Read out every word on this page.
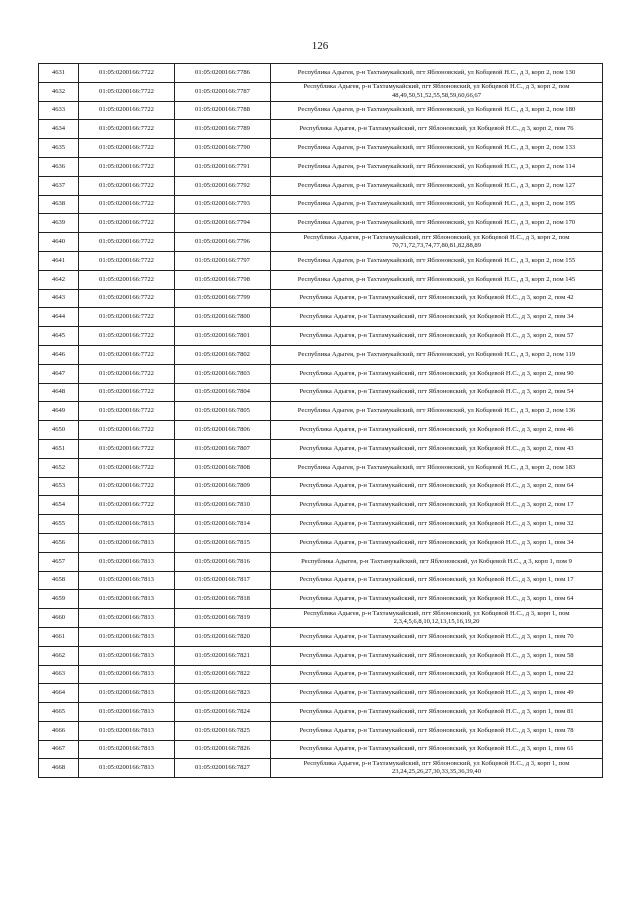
126
4631	01:05:0200166:7722	01:05:0200166:7786	Республика Адыгея, р-н Тахтамукайский, пгт Яблоновский, ул Кобцевой Н.С., д 3, корп 2, пом 130
4632	01:05:0200166:7722	01:05:0200166:7787	Республика Адыгея, р-н Тахтамукайский, пгт Яблоновский, ул Кобцевой Н.С., д 3, корп 2, пом 48,49,50,51,52,55,58,59,60,66,67
4633	01:05:0200166:7722	01:05:0200166:7788	Республика Адыгея, р-н Тахтамукайский, пгт Яблоновский, ул Кобцевой Н.С., д 3, корп 2, пом 180
4634	01:05:0200166:7722	01:05:0200166:7789	Республика Адыгея, р-н Тахтамукайский, пгт Яблоновский, ул Кобцевой Н.С., д 3, корп 2, пом 76
4635	01:05:0200166:7722	01:05:0200166:7790	Республика Адыгея, р-н Тахтамукайский, пгт Яблоновский, ул Кобцевой Н.С., д 3, корп 2, пом 133
4636	01:05:0200166:7722	01:05:0200166:7791	Республика Адыгея, р-н Тахтамукайский, пгт Яблоновский, ул Кобцевой Н.С., д 3, корп 2, пом 114
4637	01:05:0200166:7722	01:05:0200166:7792	Республика Адыгея, р-н Тахтамукайский, пгт Яблоновский, ул Кобцевой Н.С., д 3, корп 2, пом 127
4638	01:05:0200166:7722	01:05:0200166:7793	Республика Адыгея, р-н Тахтамукайский, пгт Яблоновский, ул Кобцевой Н.С., д 3, корп 2, пом 195
4639	01:05:0200166:7722	01:05:0200166:7794	Республика Адыгея, р-н Тахтамукайский, пгт Яблоновский, ул Кобцевой Н.С., д 3, корп 2, пом 170
4640	01:05:0200166:7722	01:05:0200166:7796	Республика Адыгея, р-н Тахтамукайский, пгт Яблоновский, ул Кобцевой Н.С., д 3, корп 2, пом 70,71,72,73,74,77,80,81,82,88,89
4641	01:05:0200166:7722	01:05:0200166:7797	Республика Адыгея, р-н Тахтамукайский, пгт Яблоновский, ул Кобцевой Н.С., д 3, корп 2, пом 155
4642	01:05:0200166:7722	01:05:0200166:7798	Республика Адыгея, р-н Тахтамукайский, пгт Яблоновский, ул Кобцевой Н.С., д 3, корп 2, пом 145
4643	01:05:0200166:7722	01:05:0200166:7799	Республика Адыгея, р-н Тахтамукайский, пгт Яблоновский, ул Кобцевой Н.С., д 3, корп 2, пом 42
4644	01:05:0200166:7722	01:05:0200166:7800	Республика Адыгея, р-н Тахтамукайский, пгт Яблоновский, ул Кобцевой Н.С., д 3, корп 2, пом 34
4645	01:05:0200166:7722	01:05:0200166:7801	Республика Адыгея, р-н Тахтамукайский, пгт Яблоновский, ул Кобцевой Н.С., д 3, корп 2, пом 57
4646	01:05:0200166:7722	01:05:0200166:7802	Республика Адыгея, р-н Тахтамукайский, пгт Яблоновский, ул Кобцевой Н.С., д 3, корп 2, пом 119
4647	01:05:0200166:7722	01:05:0200166:7803	Республика Адыгея, р-н Тахтамукайский, пгт Яблоновский, ул Кобцевой Н.С., д 3, корп 2, пом 90
4648	01:05:0200166:7722	01:05:0200166:7804	Республика Адыгея, р-н Тахтамукайский, пгт Яблоновский, ул Кобцевой Н.С., д 3, корп 2, пом 54
4649	01:05:0200166:7722	01:05:0200166:7805	Республика Адыгея, р-н Тахтамукайский, пгт Яблоновский, ул Кобцевой Н.С., д 3, корп 2, пом 136
4650	01:05:0200166:7722	01:05:0200166:7806	Республика Адыгея, р-н Тахтамукайский, пгт Яблоновский, ул Кобцевой Н.С., д 3, корп 2, пом 46
4651	01:05:0200166:7722	01:05:0200166:7807	Республика Адыгея, р-н Тахтамукайский, пгт Яблоновский, ул Кобцевой Н.С., д 3, корп 2, пом 43
4652	01:05:0200166:7722	01:05:0200166:7808	Республика Адыгея, р-н Тахтамукайский, пгт Яблоновский, ул Кобцевой Н.С., д 3, корп 2, пом 183
4653	01:05:0200166:7722	01:05:0200166:7809	Республика Адыгея, р-н Тахтамукайский, пгт Яблоновский, ул Кобцевой Н.С., д 3, корп 2, пом 64
4654	01:05:0200166:7722	01:05:0200166:7810	Республика Адыгея, р-н Тахтамукайский, пгт Яблоновский, ул Кобцевой Н.С., д 3, корп 2, пом 17
4655	01:05:0200166:7813	01:05:0200166:7814	Республика Адыгея, р-н Тахтамукайский, пгт Яблоновский, ул Кобцевой Н.С., д 3, корп 1, пом 32
4656	01:05:0200166:7813	01:05:0200166:7815	Республика Адыгея, р-н Тахтамукайский, пгт Яблоновский, ул Кобцевой Н.С., д 3, корп 1, пом 34
4657	01:05:0200166:7813	01:05:0200166:7816	Республика Адыгея, р-н Тахтамукайский, пгт Яблоновский, ул Кобцевой Н.С., д 3, корп 1, пом 9
4658	01:05:0200166:7813	01:05:0200166:7817	Республика Адыгея, р-н Тахтамукайский, пгт Яблоновский, ул Кобцевой Н.С., д 3, корп 1, пом 17
4659	01:05:0200166:7813	01:05:0200166:7818	Республика Адыгея, р-н Тахтамукайский, пгт Яблоновский, ул Кобцевой Н.С., д 3, корп 1, пом 64
4660	01:05:0200166:7813	01:05:0200166:7819	Республика Адыгея, р-н Тахтамукайский, пгт Яблоновский, ул Кобцевой Н.С., д 3, корп 1, пом 2,3,4,5,6,8,10,12,13,15,16,19,20
4661	01:05:0200166:7813	01:05:0200166:7820	Республика Адыгея, р-н Тахтамукайский, пгт Яблоновский, ул Кобцевой Н.С., д 3, корп 1, пом 70
4662	01:05:0200166:7813	01:05:0200166:7821	Республика Адыгея, р-н Тахтамукайский, пгт Яблоновский, ул Кобцевой Н.С., д 3, корп 1, пом 58
4663	01:05:0200166:7813	01:05:0200166:7822	Республика Адыгея, р-н Тахтамукайский, пгт Яблоновский, ул Кобцевой Н.С., д 3, корп 1, пом 22
4664	01:05:0200166:7813	01:05:0200166:7823	Республика Адыгея, р-н Тахтамукайский, пгт Яблоновский, ул Кобцевой Н.С., д 3, корп 1, пом 49
4665	01:05:0200166:7813	01:05:0200166:7824	Республика Адыгея, р-н Тахтамукайский, пгт Яблоновский, ул Кобцевой Н.С., д 3, корп 1, пом 81
4666	01:05:0200166:7813	01:05:0200166:7825	Республика Адыгея, р-н Тахтамукайский, пгт Яблоновский, ул Кобцевой Н.С., д 3, корп 1, пом 78
4667	01:05:0200166:7813	01:05:0200166:7826	Республика Адыгея, р-н Тахтамукайский, пгт Яблоновский, ул Кобцевой Н.С., д 3, корп 1, пом 61
4668	01:05:0200166:7813	01:05:0200166:7827	Республика Адыгея, р-н Тахтамукайский, пгт Яблоновский, ул Кобцевой Н.С., д 3, корп 1, пом 23,24,25,26,27,30,33,35,36,39,40
